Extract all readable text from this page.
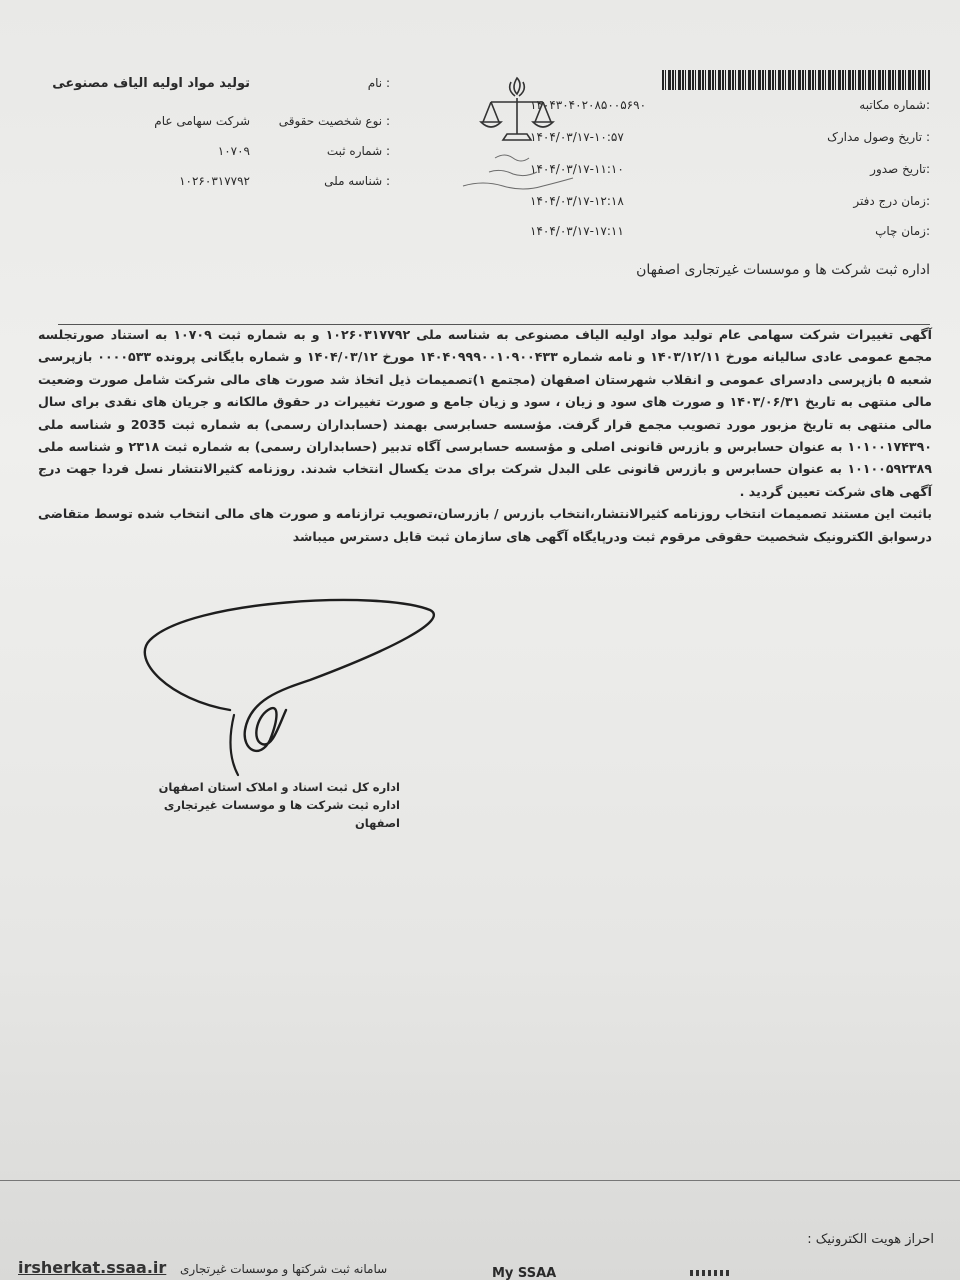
شماره مکاتبه:
۱۴۰۴۳۰۴۰۲۰۸۵۰۰۵۶۹۰
تاریخ وصول مدارک :
۱۴۰۴/۰۳/۱۷-۱۰:۵۷
تاریخ صدور:
۱۴۰۴/۰۳/۱۷-۱۱:۱۰
زمان درج دفتر:
۱۴۰۴/۰۳/۱۷-۱۲:۱۸
زمان چاپ:
۱۴۰۴/۰۳/۱۷-۱۷:۱۱
نام :
تولید مواد اولیه الیاف مصنوعی
نوع شخصیت حقوقی :
شرکت سهامی عام
شماره ثبت :
۱۰۷۰۹
شناسه ملی :
۱۰۲۶۰۳۱۷۷۹۲
اداره ثبت شرکت ها و موسسات غیرتجاری اصفهان

آگهی تغییرات شرکت سهامی عام تولید مواد اولیه الیاف مصنوعی به شناسه ملی ۱۰۲۶۰۳۱۷۷۹۲ و به شماره ثبت ۱۰۷۰۹ به استناد صورتجلسه مجمع عمومی عادی سالیانه مورخ ۱۴۰۳/۱۲/۱۱ و نامه شماره ۱۴۰۴۰۹۹۹۰۰۱۰۹۰۰۴۳۳ مورخ ۱۴۰۴/۰۳/۱۲ و شماره بایگانی پرونده ۰۰۰۰۵۳۳ بازپرسی شعبه ۵ بازپرسی دادسرای عمومی و انقلاب شهرستان اصفهان (مجتمع ۱)تصمیمات ذیل اتخاذ شد صورت های مالی شرکت شامل صورت وضعیت مالی منتهی به تاریخ ۱۴۰۳/۰۶/۳۱ و صورت های سود و زیان ، سود و زیان جامع و صورت تغییرات در حقوق مالکانه و جریان های نقدی برای سال مالی منتهی به تاریخ مزبور مورد تصویب مجمع قرار گرفت. مؤسسه حسابرسی بهمند (حسابداران رسمی) به شماره ثبت 2035 و شناسه ملی ۱۰۱۰۰۱۷۴۳۹۰ به عنوان حسابرس و بازرس قانونی اصلی و مؤسسه حسابرسی آگاه تدبیر (حسابداران رسمی) به شماره ثبت ۲۳۱۸ و شناسه ملی ۱۰۱۰۰۵۹۲۳۸۹ به عنوان حسابرس و بازرس قانونی علی البدل شرکت برای مدت یکسال انتخاب شدند. روزنامه کثیرالانتشار نسل فردا جهت درج آگهی های شرکت تعیین گردید .

باثبت این مستند تصمیمات انتخاب روزنامه کثیرالانتشار،انتخاب بازرس / بازرسان،تصویب ترازنامه و صورت های مالی انتخاب شده توسط متقاضی درسوابق الکترونیک شخصیت حقوقی مرقوم ثبت ودرپایگاه آگهی های سازمان ثبت قابل دسترس میباشد

اداره کل ثبت اسناد و املاک استان اصفهان
اداره ثبت شرکت ها و موسسات غیرتجاری اصفهان
احراز هویت الکترونیک :
irsherkat.ssaa.ir سامانه ثبت شرکتها و موسسات غیرتجاری	My SSAA
